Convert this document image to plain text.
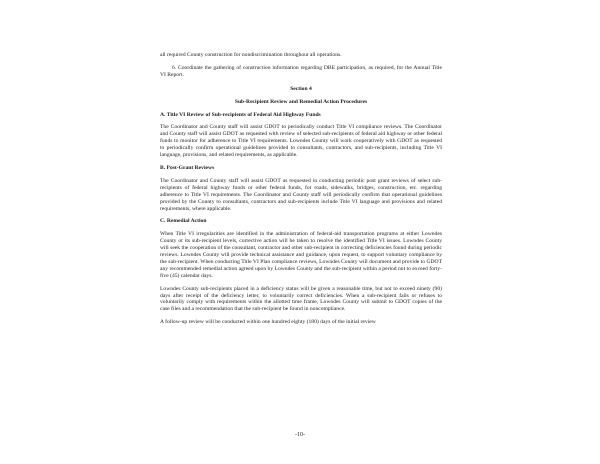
all required County construction for nondiscrimination throughout all operations.

6. Coordinate the gathering of construction information regarding DBE participation, as required, for the Annual Title VI Report.

Section 4

Sub-Recipient Review and Remedial Action Procedures

A. Title VI Review of Sub-recipients of Federal Aid Highway Funds

The Coordinator and County staff will assist GDOT to periodically conduct Title VI compliance reviews. The Coordinator and County staff will assist GDOT as requested with review of selected sub-recipients of federal aid highway or other federal funds to monitor for adherence to Title VI requirements. Lowndes County will work cooperatively with GDOT as requested to periodically confirm operational guidelines provided to consultants, contractors, and sub-recipients, including Title VI language, provisions, and related requirements, as applicable.

B. Post-Grant Reviews

The Coordinator and County staff will assist GDOT as requested in conducting periodic post grant reviews of select sub-recipients of federal highway funds or other federal funds, for roads, sidewalks, bridges, construction, etc. regarding adherence to Title VI requirements. The Coordinator and County staff will periodically confirm that operational guidelines provided by the County to consultants, contractors and sub-recipients include Title VI language and provisions and related requirements, where applicable.

C. Remedial Action

When Title VI irregularities are identified in the administration of federal-aid transportation programs at either Lowndes County or its sub-recipient levels, corrective action will be taken to resolve the identified Title VI issues. Lowndes County will seek the cooperation of the consultant, contractor and other sub-recipient in correcting deficiencies found during periodic reviews. Lowndes County will provide technical assistance and guidance, upon request, to support voluntary compliance by the sub-recipient. When conducting Title VI Plan compliance reviews, Lowndes County will document and provide to GDOT any recommended remedial action agreed upon by Lowndes County and the sub-recipient within a period not to exceed forty-five (45) calendar days.

Lowndes County sub-recipients placed in a deficiency status will be given a reasonable time, but not to exceed ninety (90) days after receipt of the deficiency letter, to voluntarily correct deficiencies. When a sub-recipient fails or refuses to voluntarily comply with requirements within the allotted time frame, Lowndes County will submit to GDOT copies of the case files and a recommendation that the sub-recipient be found in noncompliance.

A follow-up review will be conducted within one hundred eighty (180) days of the initial review

-10-
